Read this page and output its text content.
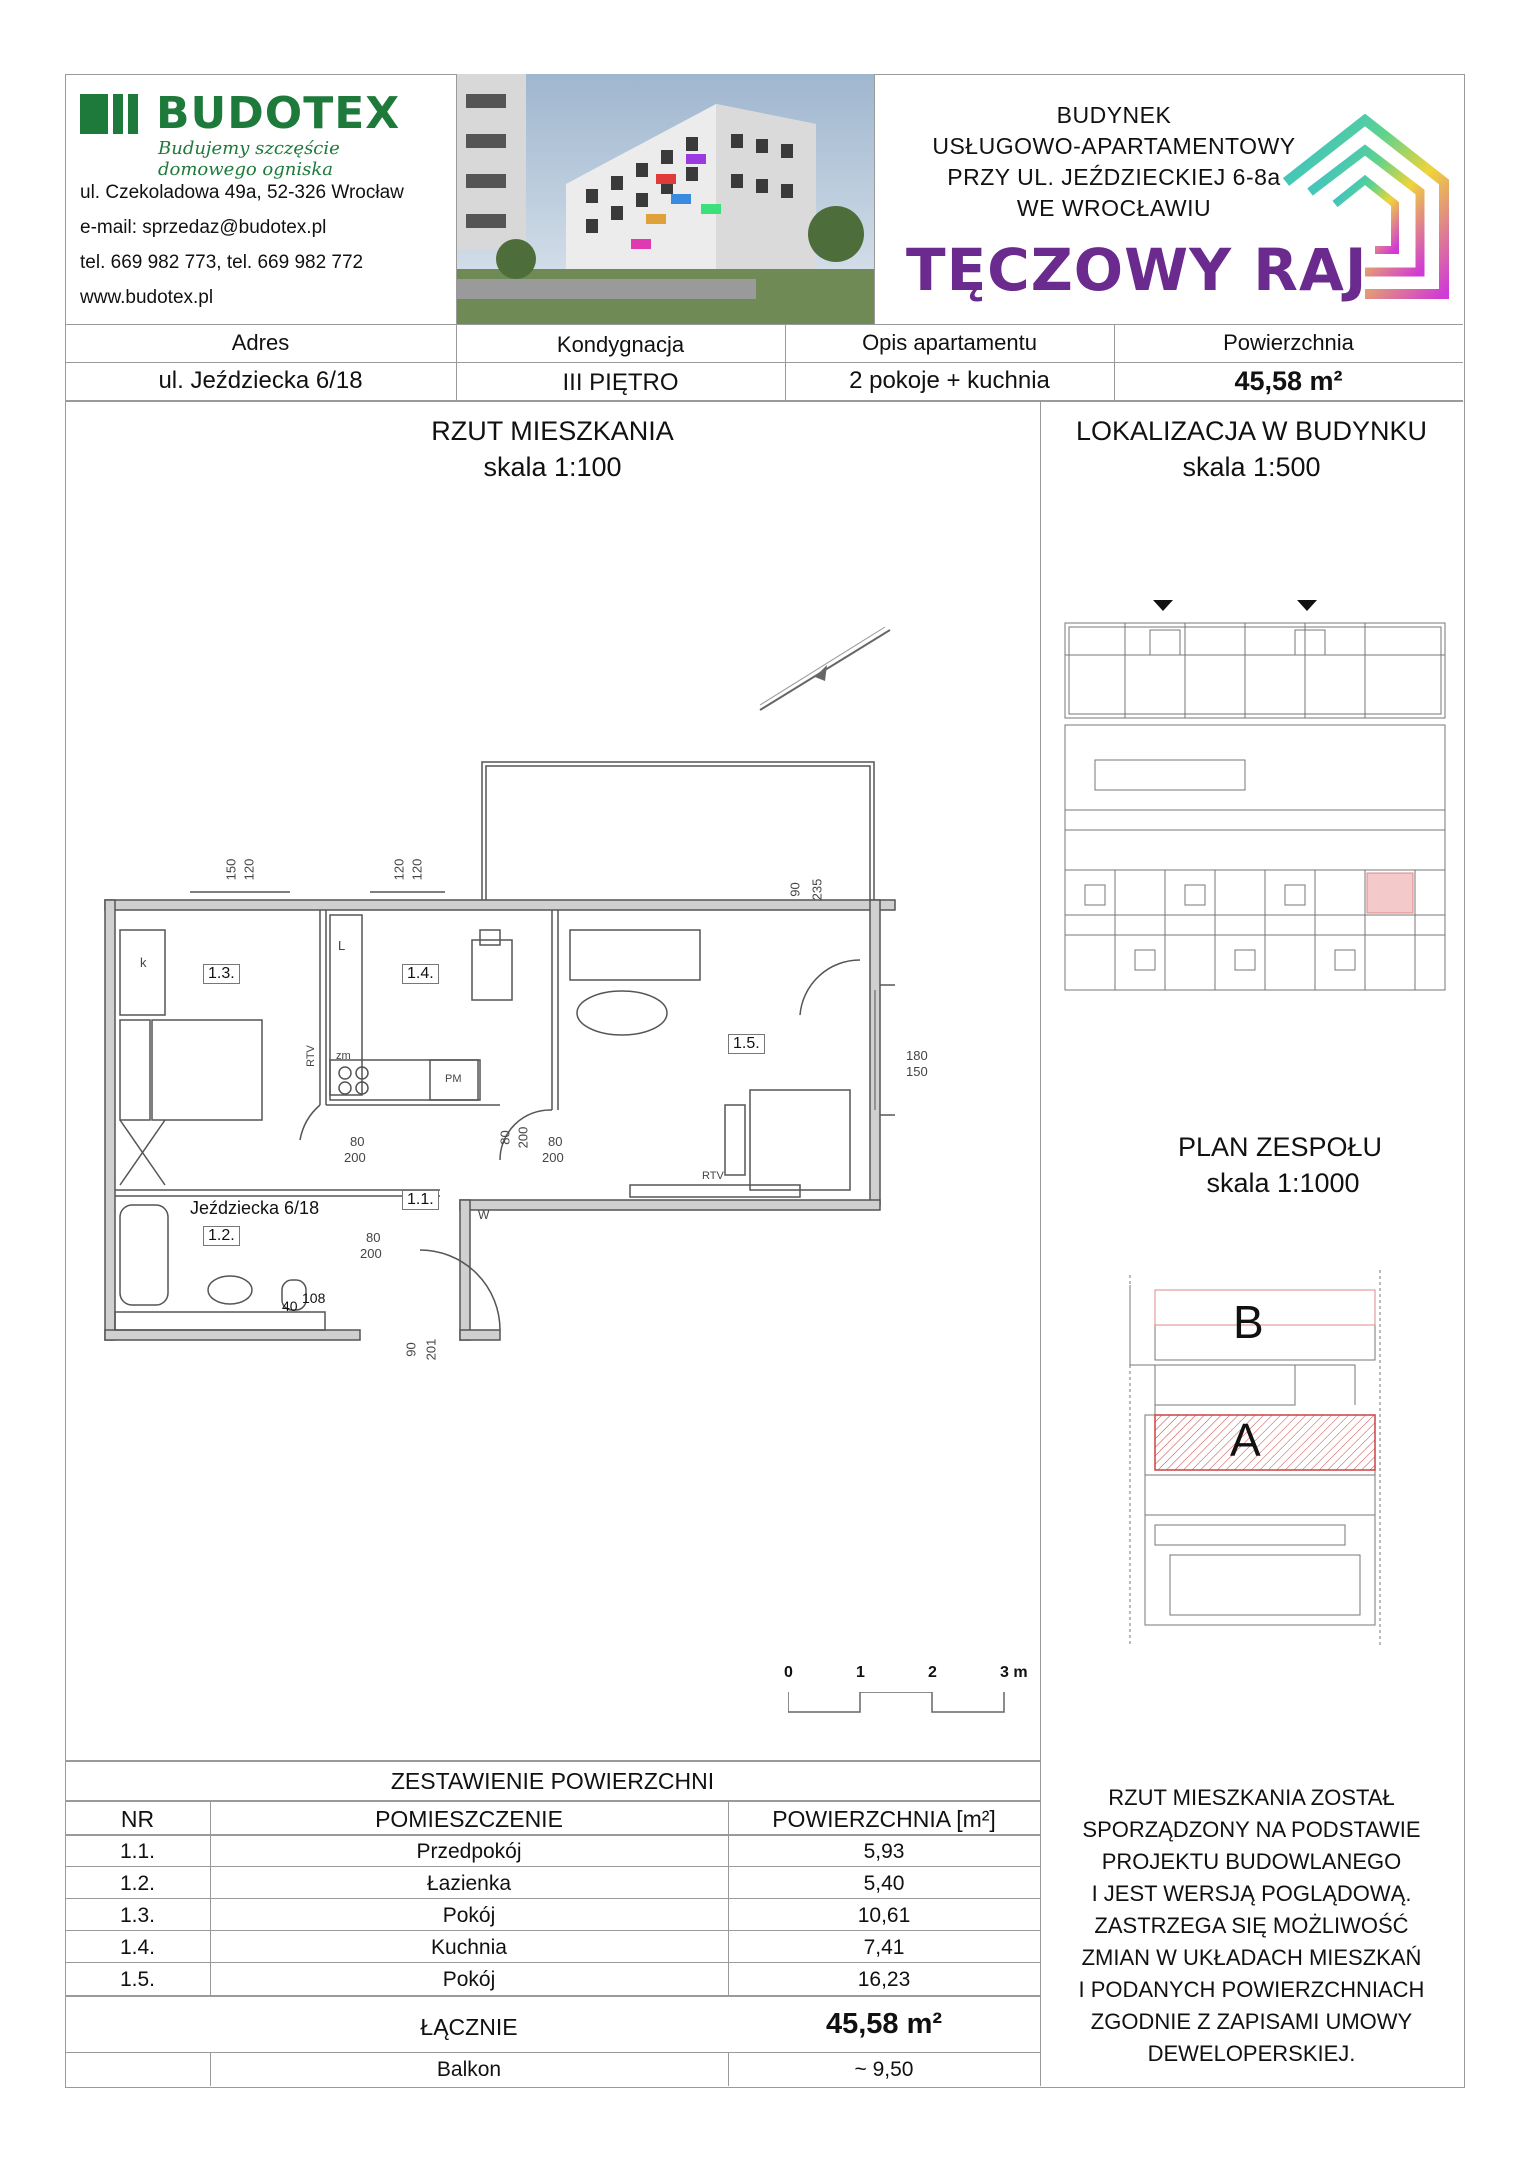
BUDOTEX
Budujemy szczęście domowego ogniska
ul. Czekoladowa 49a, 52-326 Wrocław
e-mail: sprzedaz@budotex.pl
tel. 669 982 773, tel. 669 982 772
www.budotex.pl
BUDYNEK
USŁUGOWO-APARTAMENTOWY
PRZY UL. JEŹDZIECKIEJ 6-8a
WE WROCŁAWIU
TĘCZOWY RAJ
Adres	Kondygnacja	Opis apartamentu	Powierzchnia
ul. Jeździecka 6/18	III PIĘTRO	2 pokoje + kuchnia	45,58 m²
RZUT MIESZKANIA
skala 1:100
LOKALIZACJA W BUDYNKU
skala 1:500
PLAN ZESPOŁU
skala 1:1000
1.3.	1.4.
1.5.
1.1.
1.2.
Jeździecka 6/18
k
L
zm
PM
RTV
RTV
W
150 120	120 120
90 235
180
150
80
200
80 200 80
200
80
200
90 201
40 108
0	1	2	3 m
B
A
ZESTAWIENIE POWIERZCHNI
NR	POMIESZCZENIE	POWIERZCHNIA [m²]
1.1.	Przedpokój	5,93
1.2.	Łazienka	5,40
1.3.	Pokój	10,61
1.4.	Kuchnia	7,41
1.5.	Pokój	16,23
ŁĄCZNIE	45,58 m²
Balkon	~ 9,50
RZUT MIESZKANIA ZOSTAŁ
SPORZĄDZONY NA PODSTAWIE
PROJEKTU BUDOWLANEGO
I JEST WERSJĄ POGLĄDOWĄ.
ZASTRZEGA SIĘ MOŻLIWOŚĆ
ZMIAN W UKŁADACH MIESZKAŃ
I PODANYCH POWIERZCHNIACH
ZGODNIE Z ZAPISAMI UMOWY
DEWELOPERSKIEJ.
